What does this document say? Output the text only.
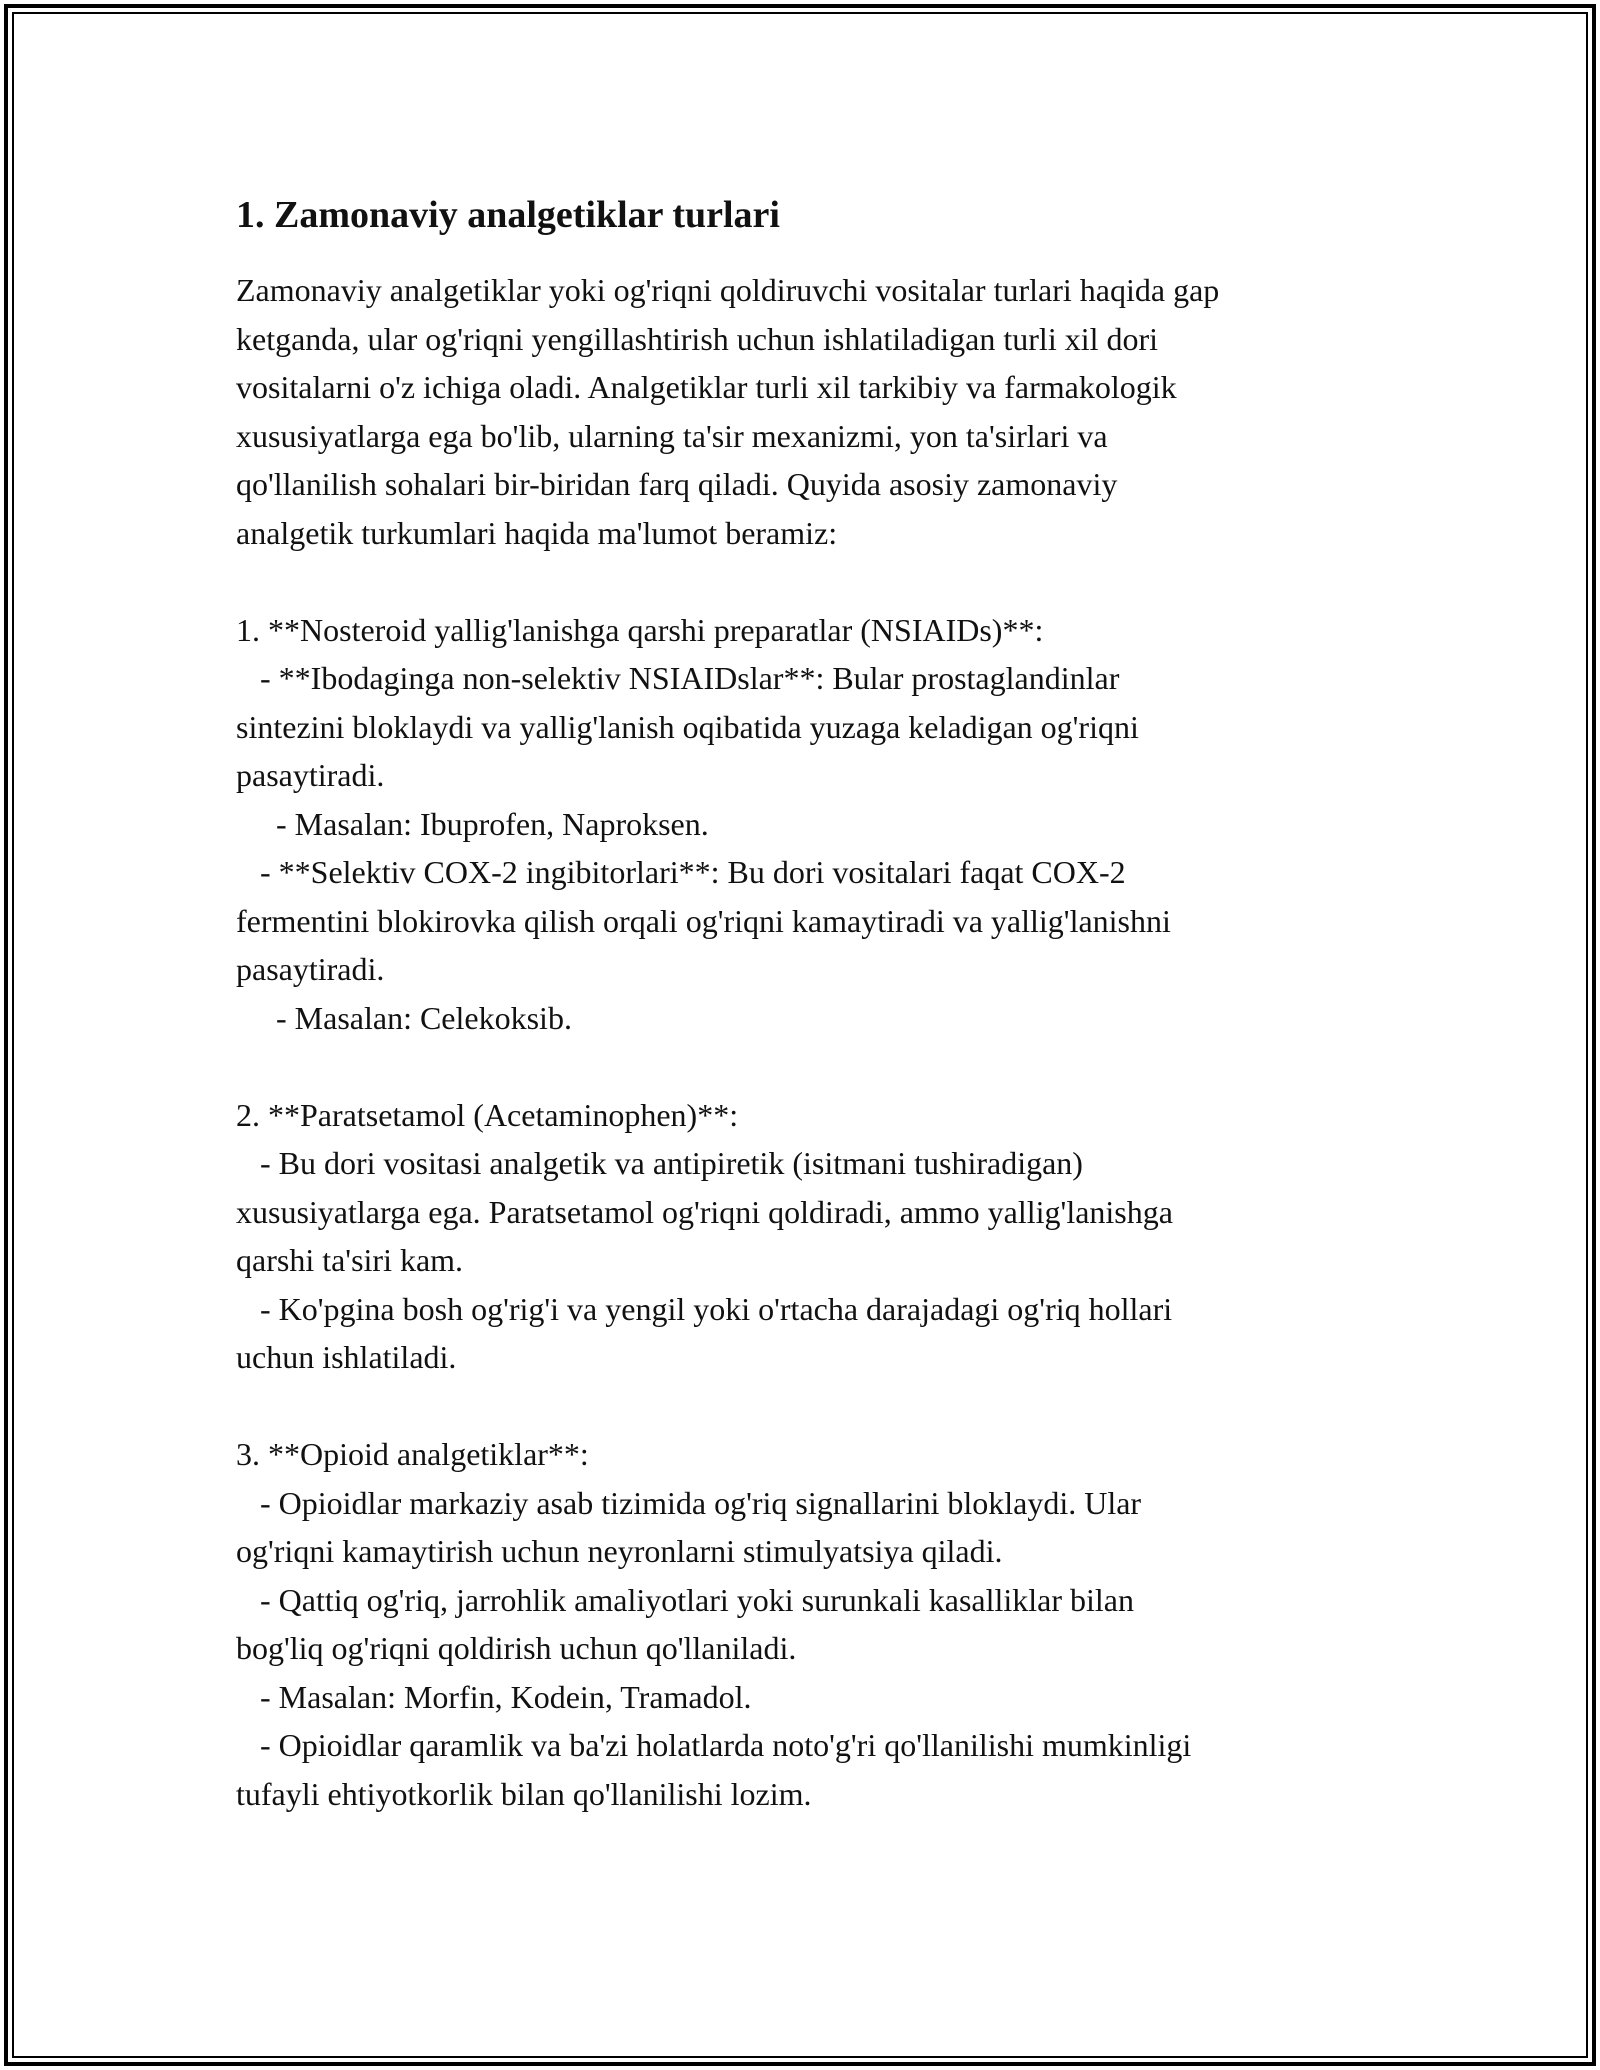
1. Zamonaviy analgetiklar turlari

Zamonaviy analgetiklar yoki og'riqni qoldiruvchi vositalar turlari haqida gap
ketganda, ular og'riqni yengillashtirish uchun ishlatiladigan turli xil dori
vositalarni o'z ichiga oladi. Analgetiklar turli xil tarkibiy va farmakologik
xususiyatlarga ega bo'lib, ularning ta'sir mexanizmi, yon ta'sirlari va
qo'llanilish sohalari bir-biridan farq qiladi. Quyida asosiy zamonaviy
analgetik turkumlari haqida ma'lumot beramiz:

1. **Nosteroid yallig'lanishga qarshi preparatlar (NSIAIDs)**:
- **Ibodaginga non-selektiv NSIAIDslar**: Bular prostaglandinlar
sintezini bloklaydi va yallig'lanish oqibatida yuzaga keladigan og'riqni
pasaytiradi.
- Masalan: Ibuprofen, Naproksen.
- **Selektiv COX-2 ingibitorlari**: Bu dori vositalari faqat COX-2
fermentini blokirovka qilish orqali og'riqni kamaytiradi va yallig'lanishni
pasaytiradi.
- Masalan: Celekoksib.

2. **Paratsetamol (Acetaminophen)**:
- Bu dori vositasi analgetik va antipiretik (isitmani tushiradigan)
xususiyatlarga ega. Paratsetamol og'riqni qoldiradi, ammo yallig'lanishga
qarshi ta'siri kam.
- Ko'pgina bosh og'rig'i va yengil yoki o'rtacha darajadagi og'riq hollari
uchun ishlatiladi.

3. **Opioid analgetiklar**:
- Opioidlar markaziy asab tizimida og'riq signallarini bloklaydi. Ular
og'riqni kamaytirish uchun neyronlarni stimulyatsiya qiladi.
- Qattiq og'riq, jarrohlik amaliyotlari yoki surunkali kasalliklar bilan
bog'liq og'riqni qoldirish uchun qo'llaniladi.
- Masalan: Morfin, Kodein, Tramadol.
- Opioidlar qaramlik va ba'zi holatlarda noto'g'ri qo'llanilishi mumkinligi
tufayli ehtiyotkorlik bilan qo'llanilishi lozim.
